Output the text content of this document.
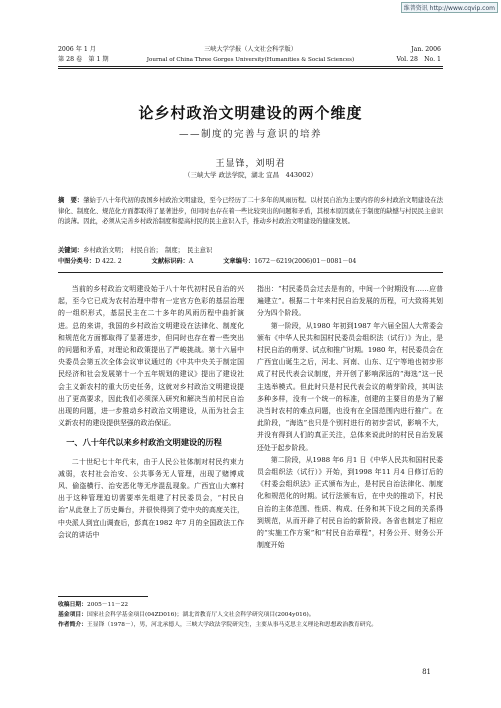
维普资讯 http://www.cqvip.com
2006 年 1 月
第 28 卷　第 1 期
三峡大学学报（人文社会科学版）
Journal of China Three Gorges University(Humanities & Social Sciences)
Jan. 2006
Vol. 28　No. 1
论乡村政治文明建设的两个维度
——制度的完善与意识的培养
王显锋，刘明君
（三峡大学 政法学院，湖北 宜昌　443002）
摘　要：肇始于八十年代初的我国乡村政治文明建设，至今已经历了二十多年的风雨历程。以村民自治为主要内容的乡村政治文明建设在法律化、制度化、规范化方面都取得了显著进步，但同时也存在着一些比较突出的问题和矛盾，其根本原因就在于制度的缺憾与村民民主意识的淡薄。因此，必须从完善乡村政治制度和提高村民的民主意识入手，推动乡村政治文明建设的健康发展。
关键词：乡村政治文明；　村民自治；　制度；　民主意识
中图分类号：D 422. 2	文献标识码：A	文章编号：1672－6219(2006)01－0081－04

当前的乡村政治文明建设始于八十年代初村民自治的兴起，至今它已成为农村治理中带有一定官方色彩的基层治理的一组织形式，基层民主在二十多年的风雨历程中曲折演进。总的来讲，我国的乡村政治文明建设在法律化、制度化和规范化方面都取得了显著进步，但同时也存在着一些突出的问题和矛盾，对理论和政策提出了严峻挑战。第十六届中央委员会第五次全体会议审议通过的《中共中央关于制定国民经济和社会发展第十一个五年规划的建议》提出了建设社会主义新农村的重大历史任务，这就对乡村政治文明建设提出了更高要求，因此我们必须深入研究和解决当前村民自治出现的问题，进一步推动乡村政治文明建设，从而为社会主义新农村的建设提供坚强的政治保证。

一、八十年代以来乡村政治文明建设的历程

二十世纪七十年代末，由于人民公社体制对村民约束力减弱，农村社会治安、公共事务无人管理，出现了赌博成风、偷盗横行、治安恶化等无序混乱现象。广西宜山大寨村出于这种管理迫切需要率先组建了村民委员会，“村民自治”从此登上了历史舞台，并很快得到了党中央的高度关注，中央派人到宜山调查后，彭真在1982 年7 月的全国政法工作会议的讲话中

指出：“村民委员会过去是有的，中间一个时期没有……应普遍建立”。根据二十年来村民自治发展的历程，可大致将其划分为四个阶段。

第一阶段，从1980 年初到1987 年六届全国人大常委会颁布《中华人民共和国村民委员会组织法（试行）》为止，是村民自治的萌芽、试点和推广时期。1980 年，村民委员会在广西宜山诞生之后，河北、河南、山东、辽宁等地也初步形成了村民代表会议制度，并开创了影响深远的“海选”这一民主选举模式。但此时只是村民代表会议的萌芽阶段，其叫法多种多样，没有一个统一的标准，创建的主要目的是为了解决当时农村的难点问题，也没有在全国范围内进行推广。在此阶段，“海选”也只是个别村进行的初步尝试，影响不大，并没有得到人们的真正关注，总体来说此时的村民自治发展还处于起步阶段。

第二阶段，从1988 年6 月1 日《中华人民共和国村民委员会组织法（试行）》开始，到1998 年11 月4 日修订后的《村委会组织法》正式颁布为止，是村民自治法律化、制度化和规范化的时期。试行法颁布后，在中央的推动下，村民自治的主体范围、性质、构成、任务和其下设之间的关系得到规范，从而开辟了村民自治的新阶段。各省也制定了相应的“实施工作方案”和“村民自治章程”，村务公开、财务公开制度开始

收稿日期：2005－11－22
基金项目：国家社会科学基金项目(04ZD016)；湖北省教育厅人文社会科学研究项目(2004y016)。
作者简介：王显锋（1978－），男，河北承德人，三峡大学政法学院研究生，主要从事马克思主义理论和思想政治教育研究。
81
